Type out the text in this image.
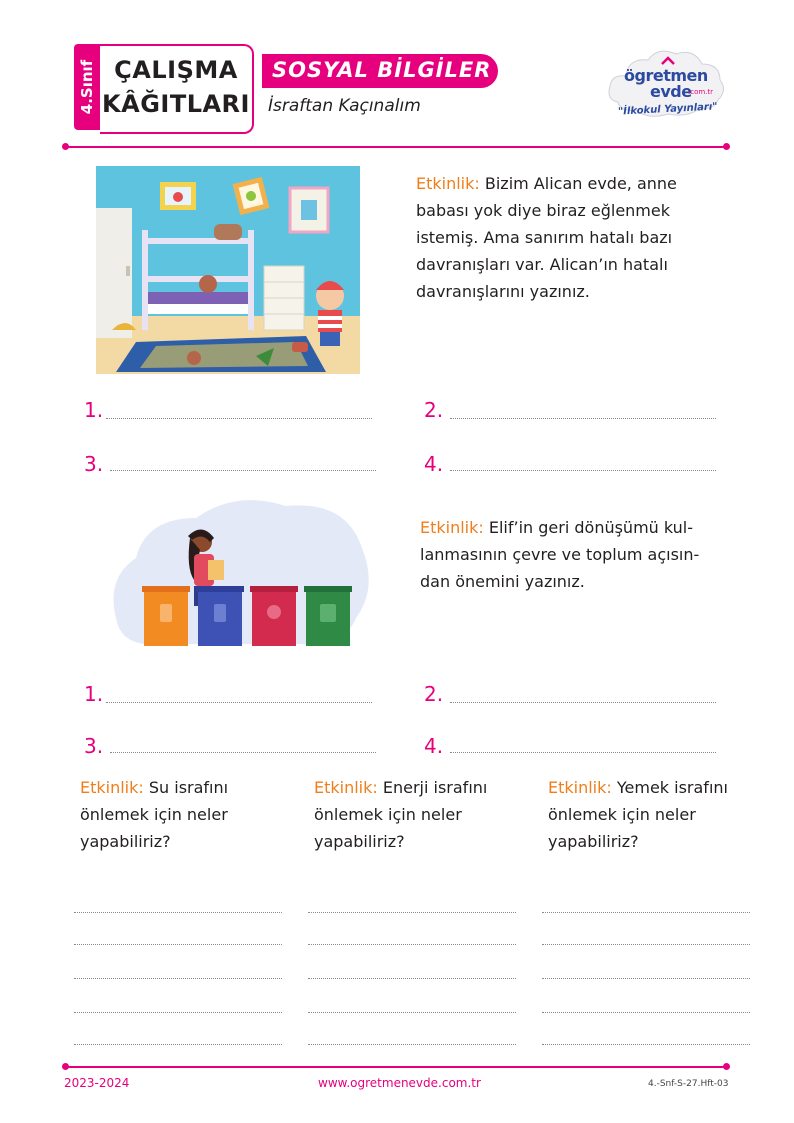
4.Sınıf ÇALIŞMA
KÂĞITLARI
SOSYAL BİLGİLER
İsraftan Kaçınalım
ögretmen
evde
.com.tr
"İlkokul Yayınları"
Etkinlik: Bizim Alican evde, anne
babası yok diye biraz eğlenmek
istemiş. Ama sanırım hatalı bazı
davranışları var. Alican’ın hatalı
davranışlarını yazınız.
1.	2.
3.	4.
Etkinlik: Elif’in geri dönüşümü kul-
lanmasının çevre ve toplum açısın-
dan önemini yazınız.
1.	2.
3.	4.
Etkinlik: Su israfını
önlemek için neler
yapabiliriz?
Etkinlik: Enerji israfını
önlemek için neler
yapabiliriz?
Etkinlik: Yemek israfını
önlemek için neler
yapabiliriz?
2023-2024	www.ogretmenevde.com.tr	4.-Snf-S-27.Hft-03
